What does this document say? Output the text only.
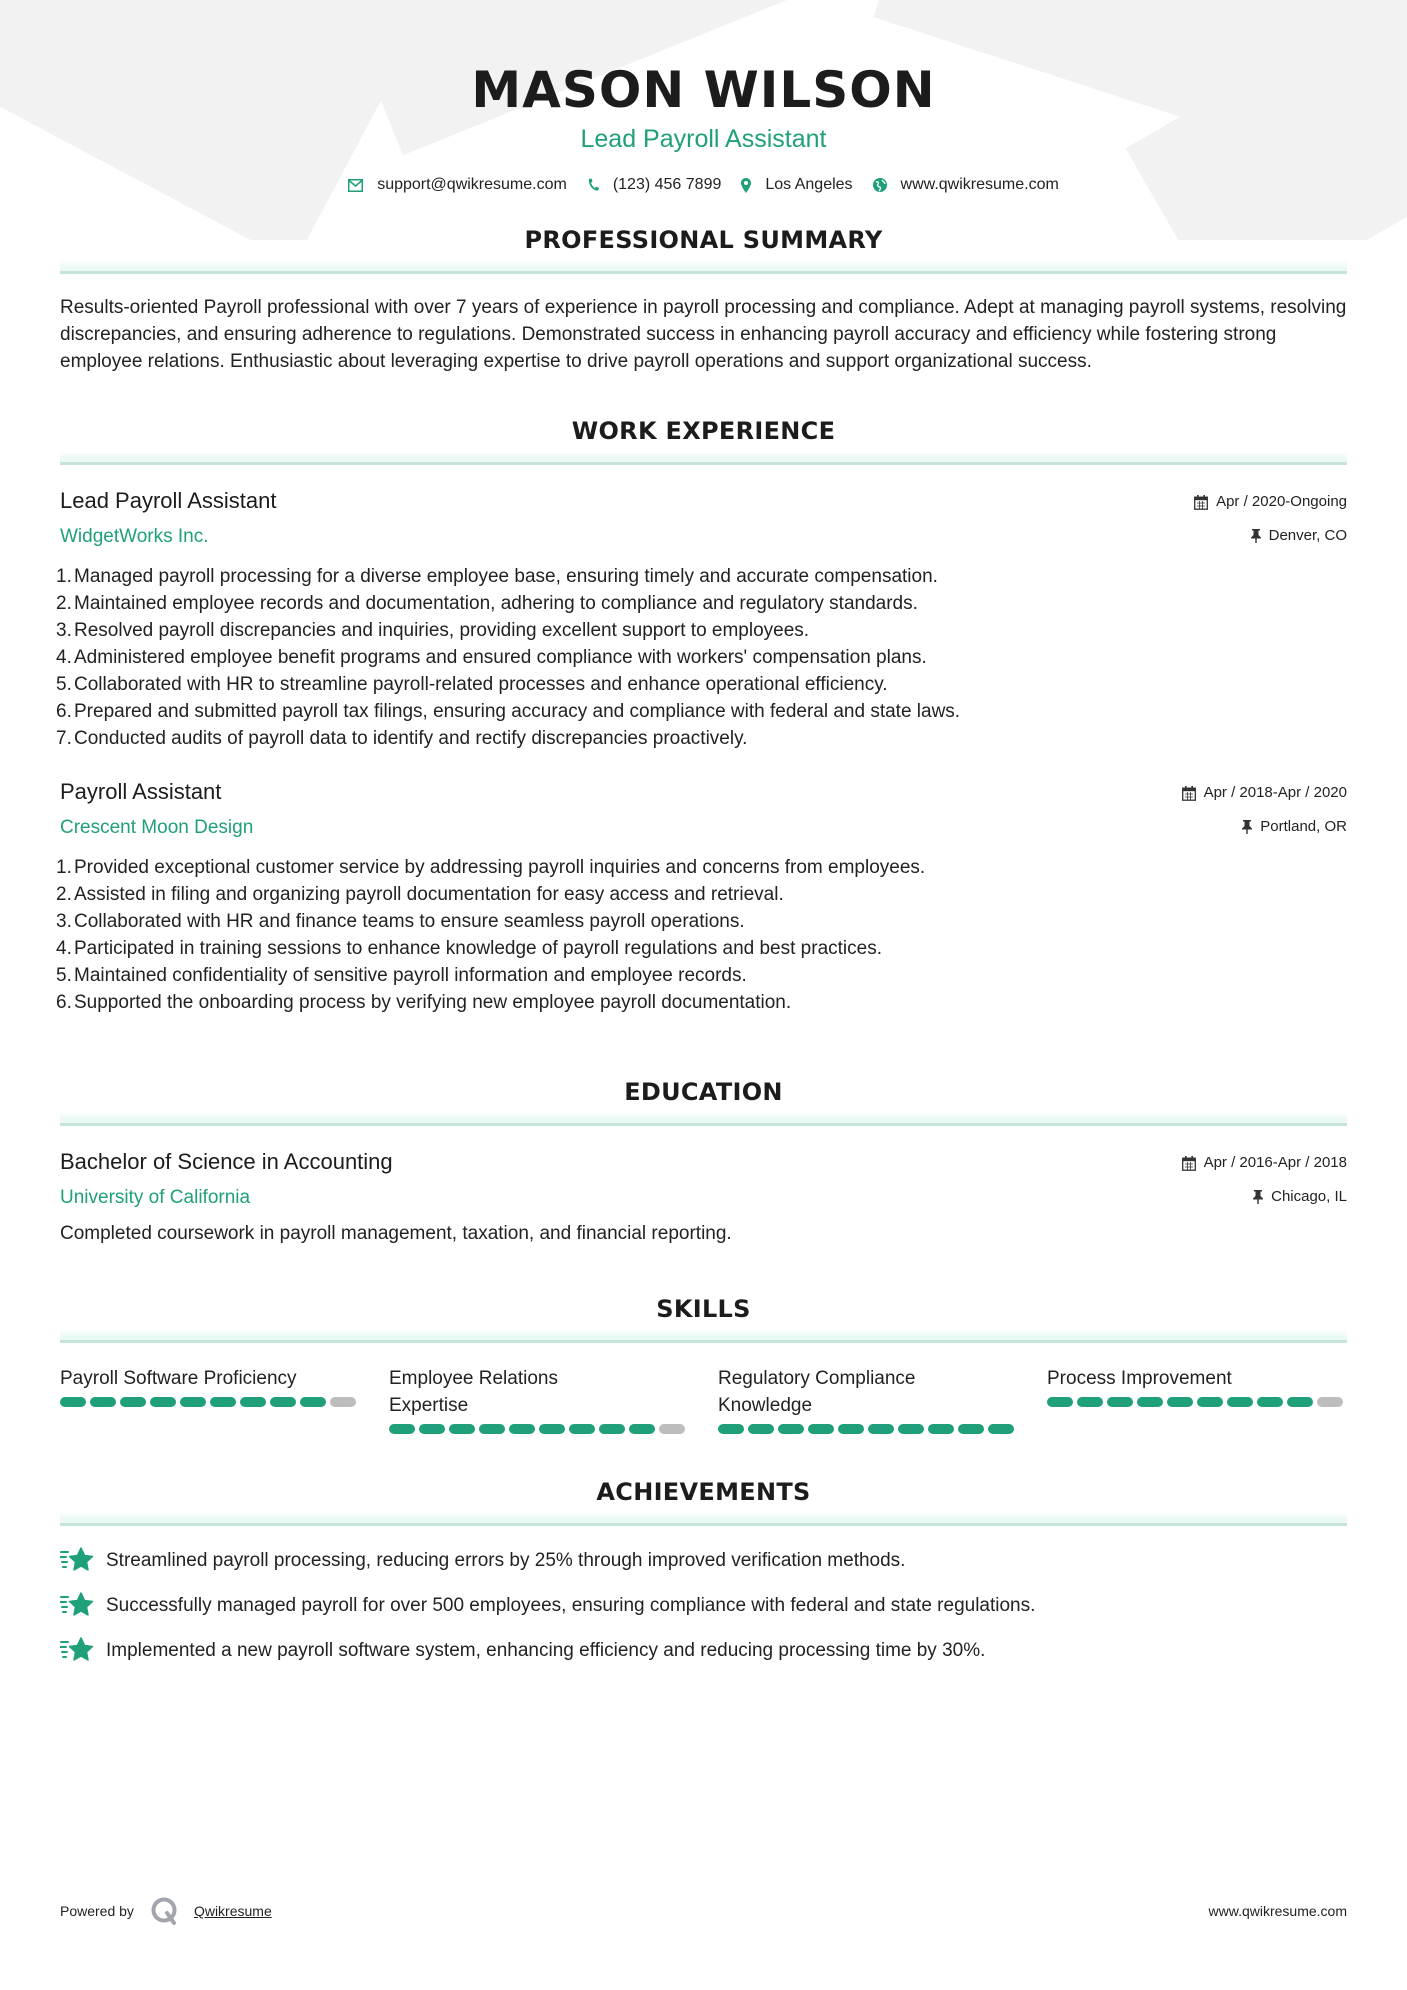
MASON WILSON
Lead Payroll Assistant
support@qwikresume.com	(123) 456 7899	Los Angeles	www.qwikresume.com
PROFESSIONAL SUMMARY

Results-oriented Payroll professional with over 7 years of experience in payroll processing and compliance. Adept at managing payroll systems, resolving discrepancies, and ensuring adherence to regulations. Demonstrated success in enhancing payroll accuracy and efficiency while fostering strong employee relations. Enthusiastic about leveraging expertise to drive payroll operations and support organizational success.

WORK EXPERIENCE
Lead Payroll Assistant
WidgetWorks Inc.
Apr / 2020-Ongoing
Denver, CO
1. Managed payroll processing for a diverse employee base, ensuring timely and accurate compensation.
2. Maintained employee records and documentation, adhering to compliance and regulatory standards.
3. Resolved payroll discrepancies and inquiries, providing excellent support to employees.
4. Administered employee benefit programs and ensured compliance with workers' compensation plans.
5. Collaborated with HR to streamline payroll-related processes and enhance operational efficiency.
6. Prepared and submitted payroll tax filings, ensuring accuracy and compliance with federal and state laws.
7. Conducted audits of payroll data to identify and rectify discrepancies proactively.
Payroll Assistant
Crescent Moon Design
Apr / 2018-Apr / 2020
Portland, OR
1. Provided exceptional customer service by addressing payroll inquiries and concerns from employees.
2. Assisted in filing and organizing payroll documentation for easy access and retrieval.
3. Collaborated with HR and finance teams to ensure seamless payroll operations.
4. Participated in training sessions to enhance knowledge of payroll regulations and best practices.
5. Maintained confidentiality of sensitive payroll information and employee records.
6. Supported the onboarding process by verifying new employee payroll documentation.
EDUCATION
Bachelor of Science in Accounting
University of California
Apr / 2016-Apr / 2018
Chicago, IL

Completed coursework in payroll management, taxation, and financial reporting.

SKILLS
Payroll Software Proficiency	Employee Relations Expertise
Regulatory Compliance Knowledge
Process Improvement
ACHIEVEMENTS
Streamlined payroll processing, reducing errors by 25% through improved verification methods.
Successfully managed payroll for over 500 employees, ensuring compliance with federal and state regulations.
Implemented a new payroll software system, enhancing efficiency and reducing processing time by 30%.
Powered by	Qwikresume	www.qwikresume.com
